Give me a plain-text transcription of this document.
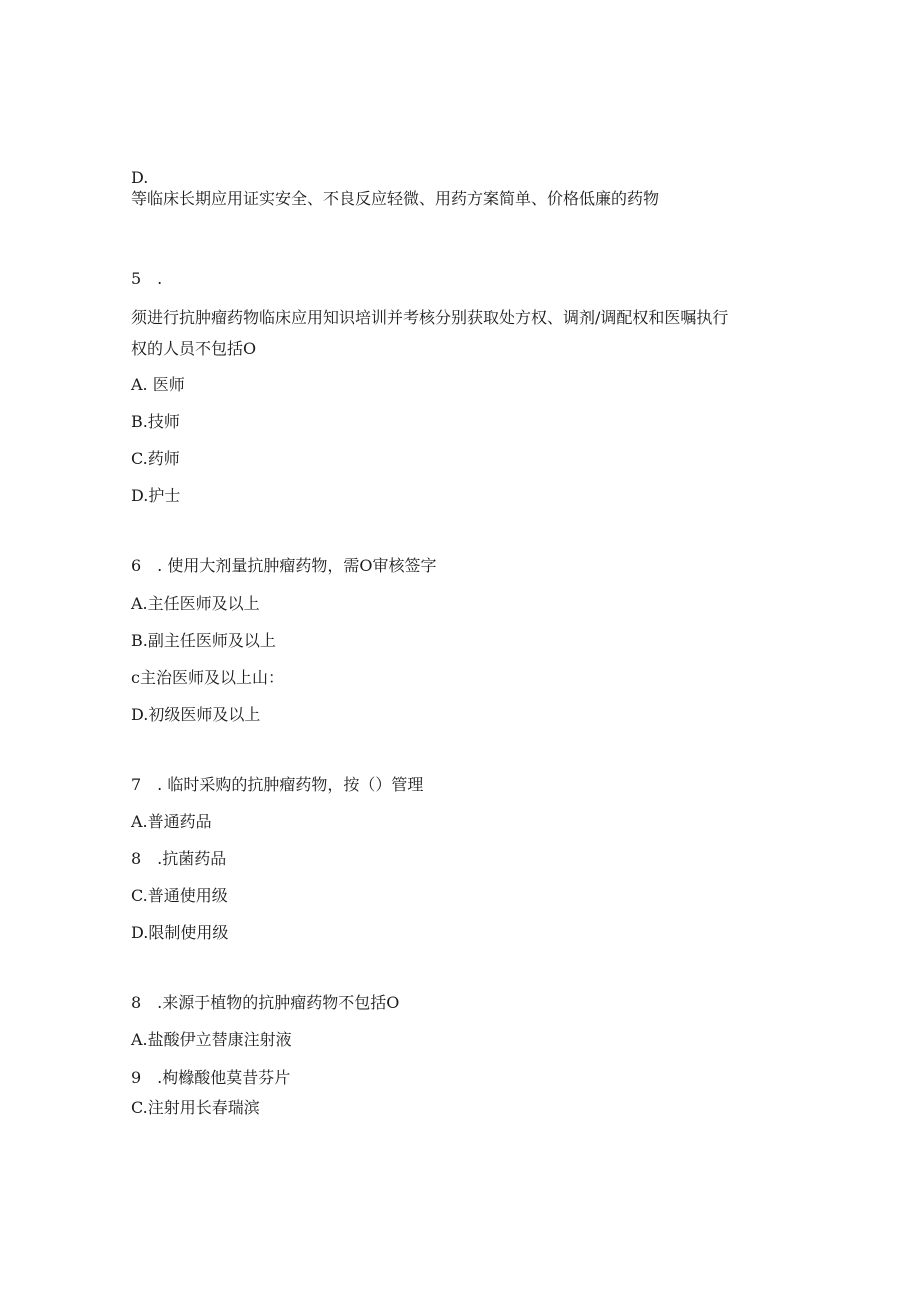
D.
等临床长期应用证实安全、不良反应轻微、用药方案简单、价格低廉的药物
5　.
须进行抗肿瘤药物临床应用知识培训并考核分别获取处方权、调剂/调配权和医嘱执行
权的人员不包括O
A. 医师
B.技师
C.药师
D.护士
6　. 使用大剂量抗肿瘤药物，需O审核签字
A.主任医师及以上
B.副主任医师及以上
c主治医师及以上山：
D.初级医师及以上
7　. 临时采购的抗肿瘤药物，按（）管理
A.普通药品
8　.抗菌药品
C.普通使用级
D.限制使用级
8　.来源于植物的抗肿瘤药物不包括O
A.盐酸伊立替康注射液
9　.枸橼酸他莫昔芬片
C.注射用长春瑞滨
